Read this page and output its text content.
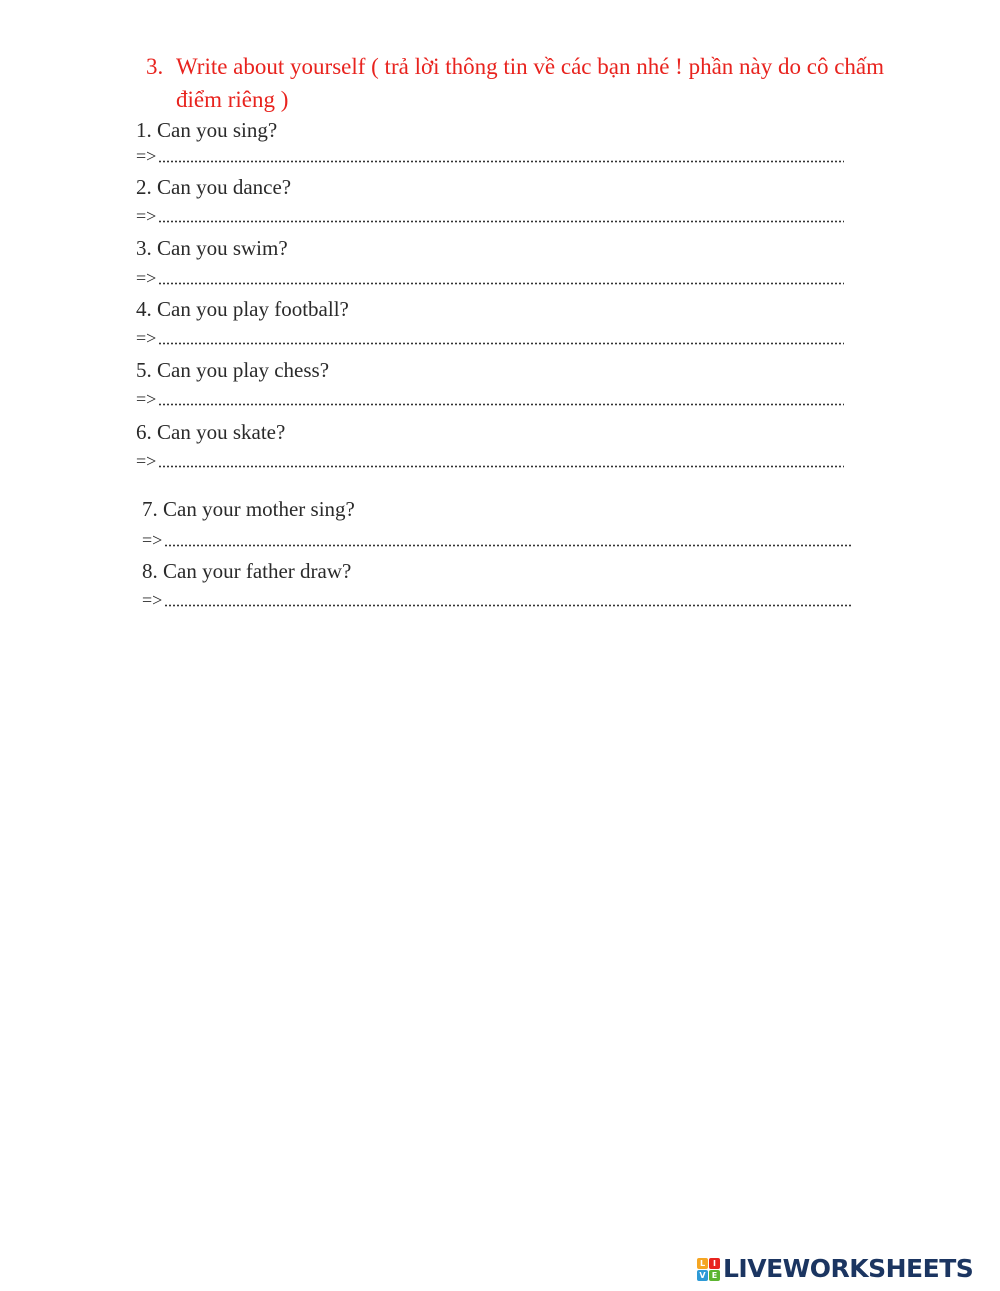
3. Write about yourself ( trả lời thông tin về các bạn nhé ! phần này do cô chấm điểm riêng )
1. Can you sing?
=>
2. Can you dance?
=>
3. Can you swim?
=>
4. Can you play football?
=>
5. Can you play chess?
=>
6. Can you skate?
=>
7. Can your mother sing?
=>
8. Can your father draw?
=>
L I
V E LIVEWORKSHEETS
